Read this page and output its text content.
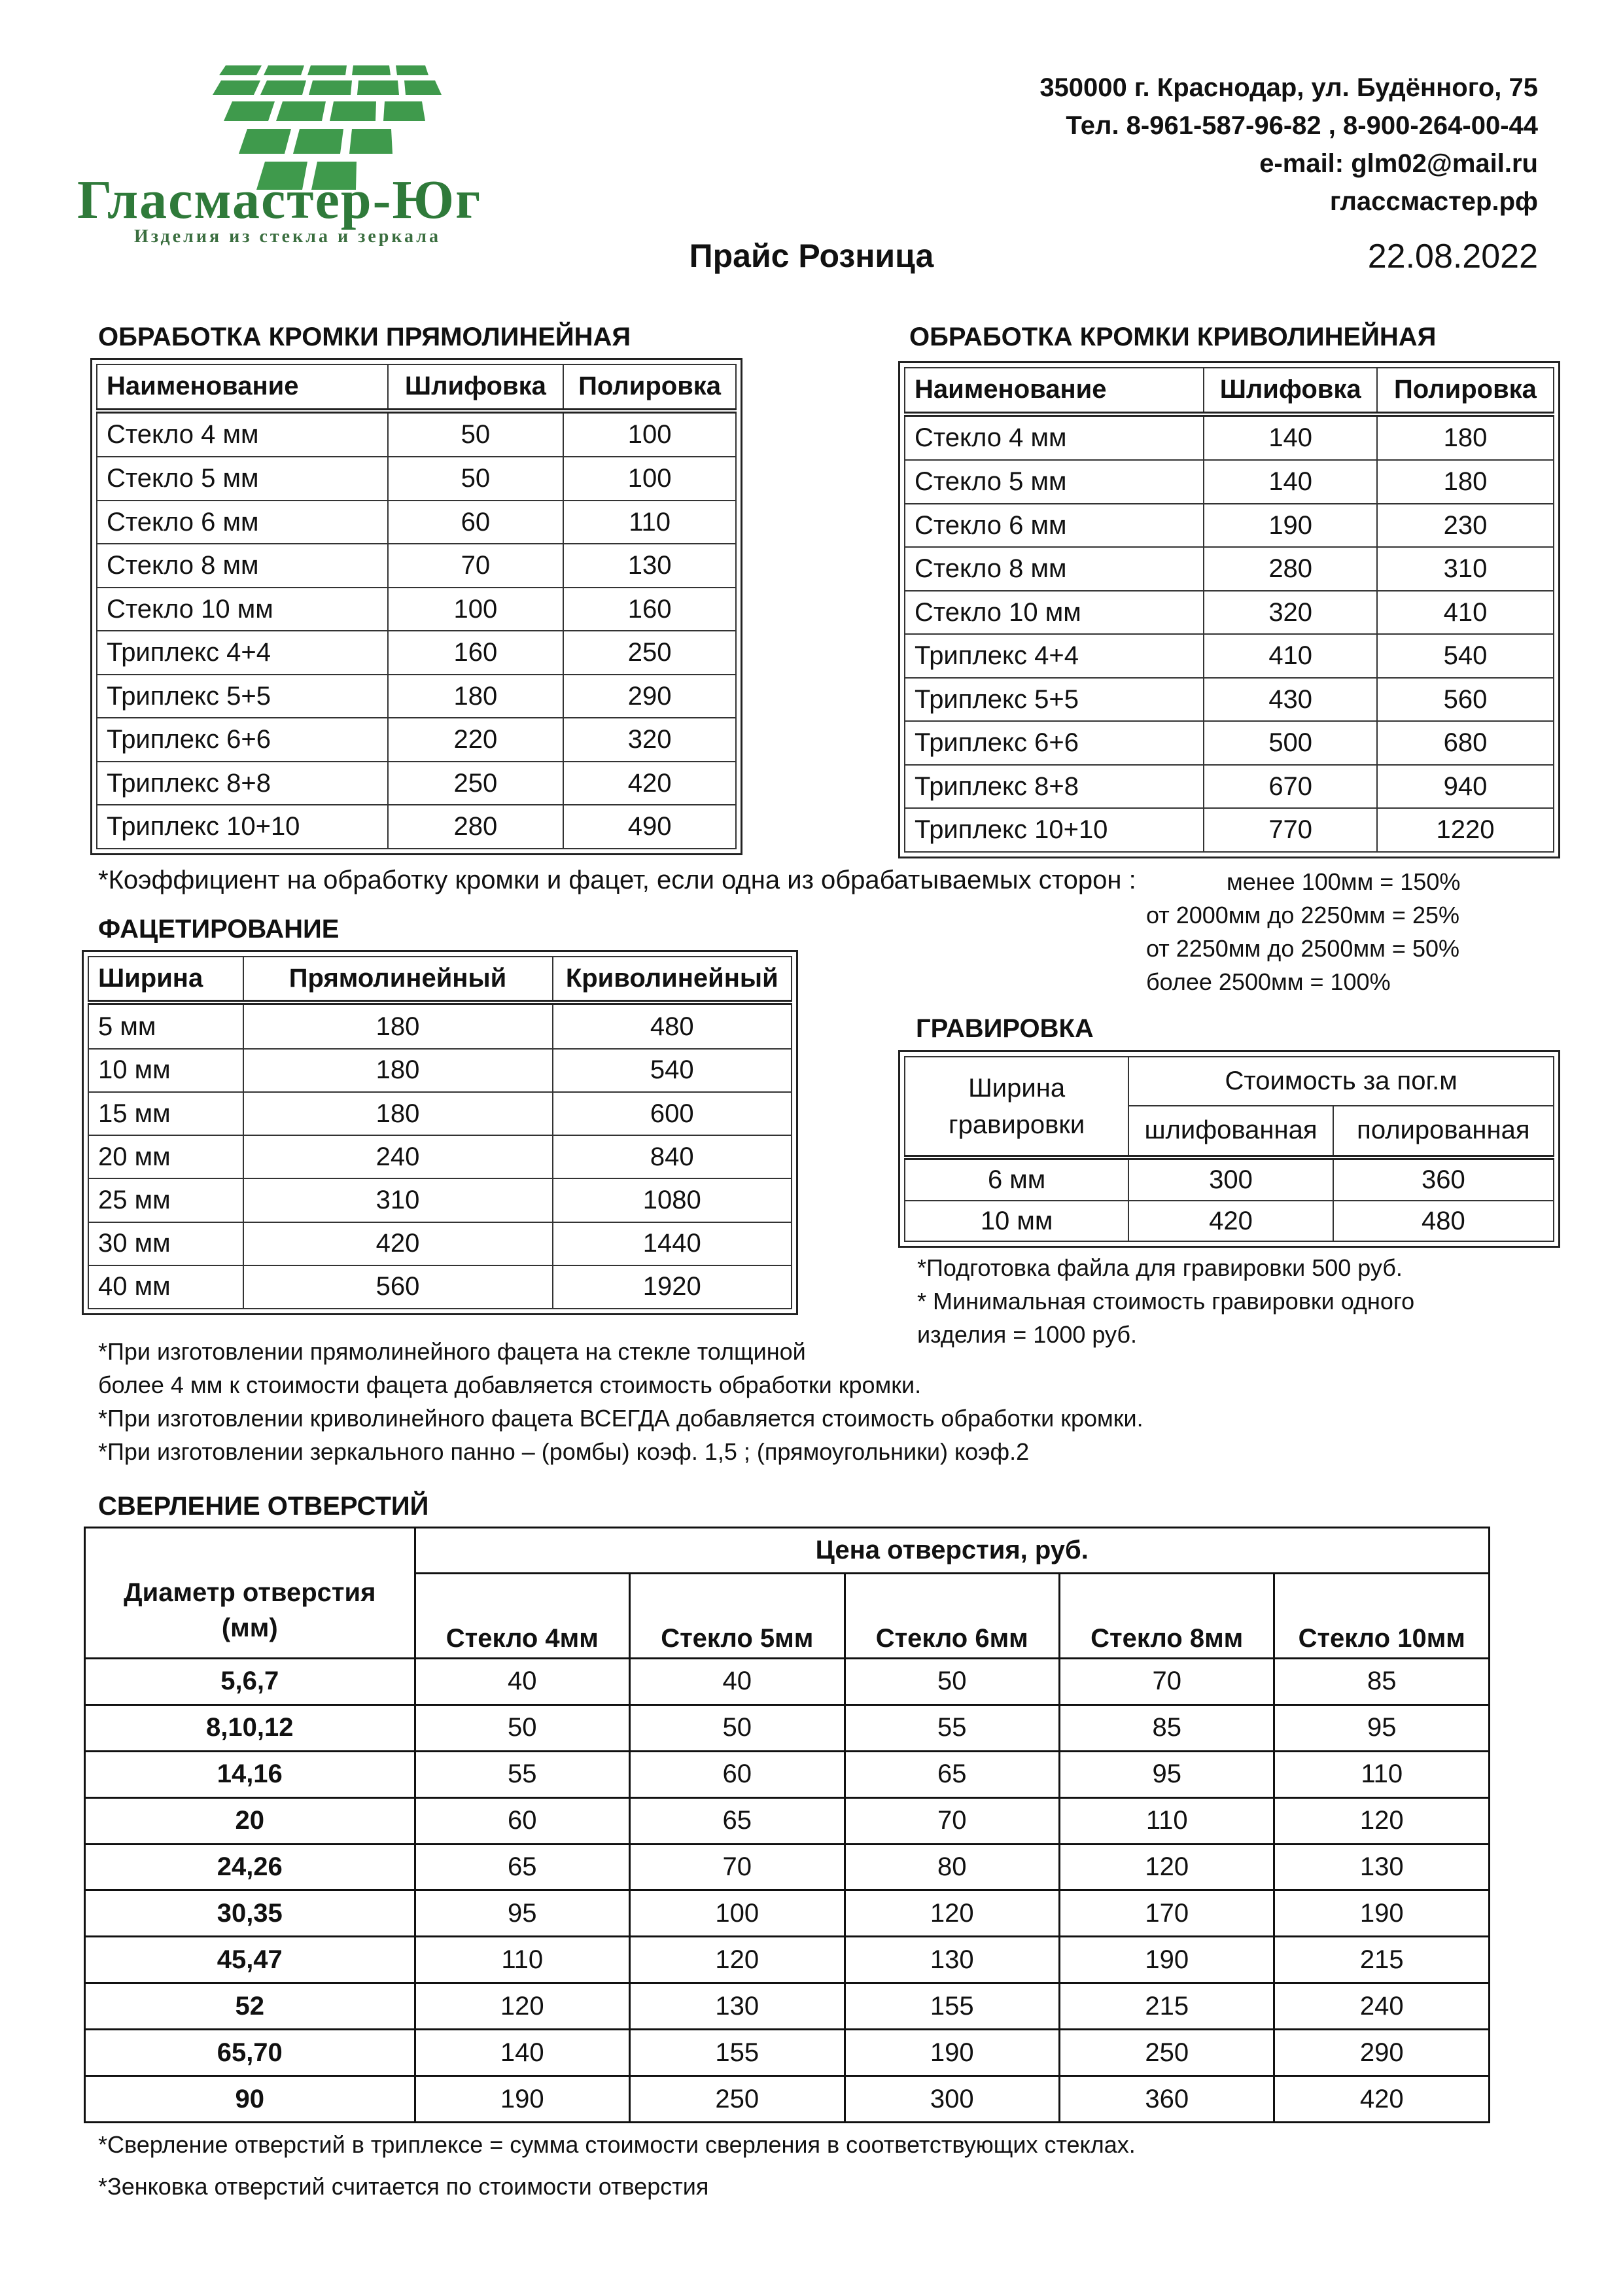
Гласмастер-Юг
Изделия из стекла и зеркала
350000 г. Краснодар, ул. Будённого, 75
Тел. 8-961-587-96-82 , 8-900-264-00-44
e-mail: glm02@mail.ru
глассмастер.рф
Прайс Розница	22.08.2022
ОБРАБОТКА КРОМКИ ПРЯМОЛИНЕЙНАЯ
Наименование	Шлифовка	Полировка
Стекло 4 мм	50	100
Стекло 5 мм	50	100
Стекло 6 мм	60	110
Стекло 8 мм	70	130
Стекло 10 мм	100	160
Триплекс 4+4	160	250
Триплекс 5+5	180	290
Триплекс 6+6	220	320
Триплекс 8+8	250	420
Триплекс 10+10	280	490
ОБРАБОТКА КРОМКИ КРИВОЛИНЕЙНАЯ
Наименование	Шлифовка	Полировка
Стекло 4 мм	140	180
Стекло 5 мм	140	180
Стекло 6 мм	190	230
Стекло 8 мм	280	310
Стекло 10 мм	320	410
Триплекс 4+4	410	540
Триплекс 5+5	430	560
Триплекс 6+6	500	680
Триплекс 8+8	670	940
Триплекс 10+10	770	1220
*Коэффициент на обработку кромки и фацет, если одна из обрабатываемых сторон :	менее 100мм = 150%
от 2000мм до 2250мм = 25%
от 2250мм до 2500мм = 50%
более 2500мм = 100%
ФАЦЕТИРОВАНИЕ
Ширина	Прямолинейный	Криволинейный
5 мм	180	480
10 мм	180	540
15 мм	180	600
20 мм	240	840
25 мм	310	1080
30 мм	420	1440
40 мм	560	1920
ГРАВИРОВКА
Ширина
гравировки	Стоимость за пог.м	
	шлифованная	полированная
6 мм	300	360
10 мм	420	480
*Подготовка файла для гравировки 500 руб.
* Минимальная стоимость гравировки одного
изделия = 1000 руб.
*При изготовлении прямолинейного фацета на стекле толщиной
более 4 мм к стоимости фацета добавляется стоимость обработки кромки.
*При изготовлении криволинейного фацета ВСЕГДА добавляется стоимость обработки кромки.
*При изготовлении зеркального панно – (ромбы) коэф. 1,5 ; (прямоугольники) коэф.2
СВЕРЛЕНИЕ ОТВЕРСТИЙ
Диаметр отверстия
(мм)	Цена отверстия, руб.				
	Стекло 4мм	Стекло 5мм	Стекло 6мм	Стекло 8мм	Стекло 10мм
5,6,7	40	40	50	70	85
8,10,12	50	50	55	85	95
14,16	55	60	65	95	110
20	60	65	70	110	120
24,26	65	70	80	120	130
30,35	95	100	120	170	190
45,47	110	120	130	190	215
52	120	130	155	215	240
65,70	140	155	190	250	290
90	190	250	300	360	420
*Сверление отверстий в триплексе = сумма стоимости сверления в соответствующих стеклах.
*Зенковка отверстий считается по стоимости отверстия
